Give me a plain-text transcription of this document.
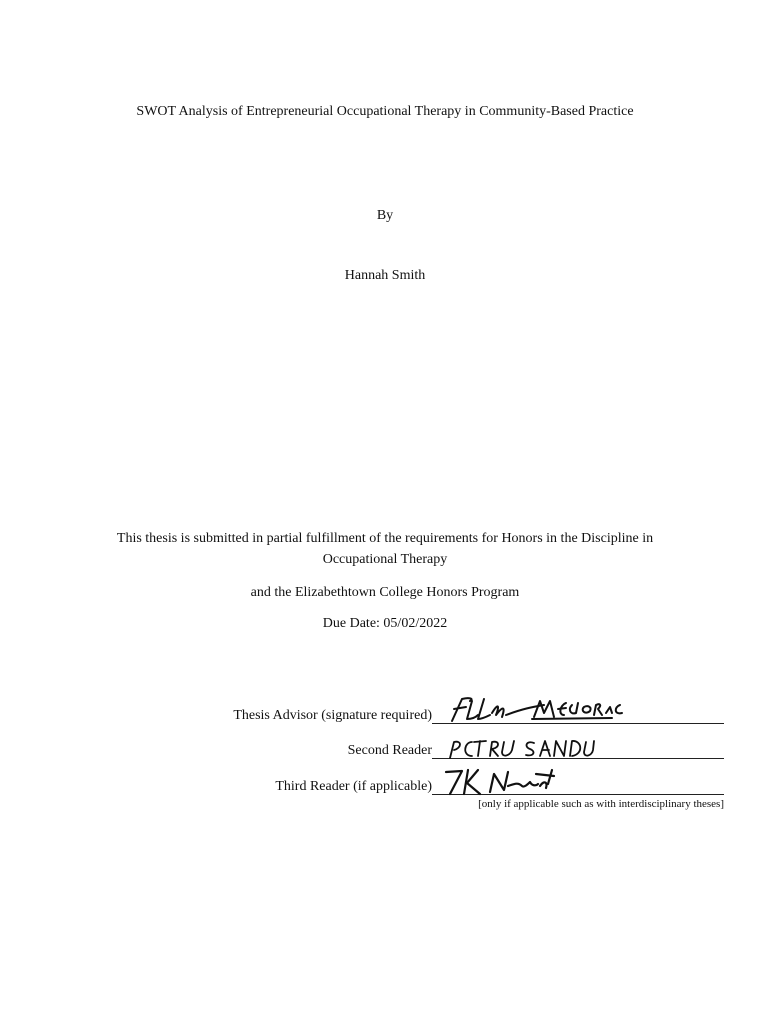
SWOT Analysis of Entrepreneurial Occupational Therapy in Community-Based Practice
By
Hannah Smith
This thesis is submitted in partial fulfillment of the requirements for Honors in the Discipline in
Occupational Therapy
and the Elizabethtown College Honors Program
Due Date: 05/02/2022
Thesis Advisor (signature required)
Second Reader
Third Reader (if applicable)
[only if applicable such as with interdisciplinary theses]
